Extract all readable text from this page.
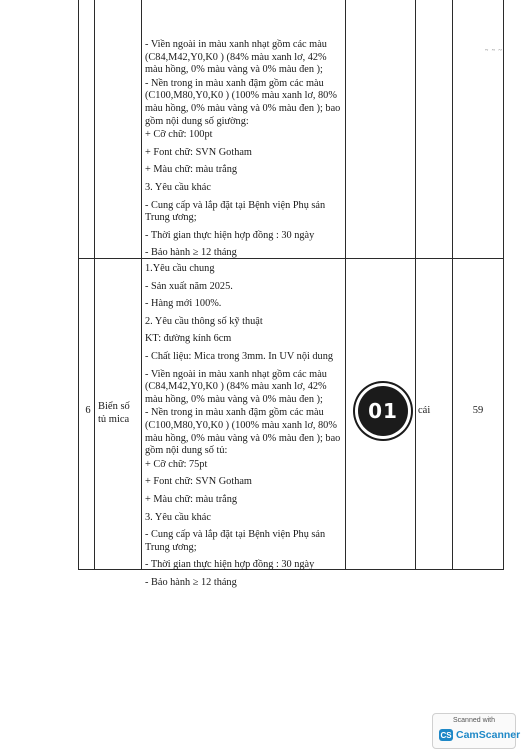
~ ~ ~
- Viền ngoài in màu xanh nhạt gồm các màu (C84,M42,Y0,K0 ) (84% màu xanh lơ, 42% màu hồng, 0% màu vàng và 0% màu đen );
- Nền trong in màu xanh đậm gồm các màu (C100,M80,Y0,K0 ) (100% màu xanh lơ, 80% màu hồng, 0% màu vàng và 0% màu đen ); bao gồm nội dung số giường:
+ Cỡ chữ: 100pt
+ Font chữ: SVN Gotham
+ Màu chữ: màu trắng
3. Yêu cầu khác
- Cung cấp và lắp đặt tại Bệnh viện Phụ sản Trung ương;
- Thời gian thực hiện hợp đồng : 30 ngày
- Bảo hành ≥ 12 tháng
6 Biển số tủ mica
1.Yêu cầu chung
- Sản xuất năm 2025.
- Hàng mới 100%.
2. Yêu cầu thông số kỹ thuật
KT: đường kính 6cm
- Chất liệu: Mica trong 3mm. In UV nội dung
- Viền ngoài in màu xanh nhạt gồm các màu (C84,M42,Y0,K0 ) (84% màu xanh lơ, 42% màu hồng, 0% màu vàng và 0% màu đen );
- Nền trong in màu xanh đậm gồm các màu (C100,M80,Y0,K0 ) (100% màu xanh lơ, 80% màu hồng, 0% màu vàng và 0% màu đen ); bao gồm nội dung số tủ:
+ Cỡ chữ: 75pt
+ Font chữ: SVN Gotham
+ Màu chữ: màu trắng
3. Yêu cầu khác
- Cung cấp và lắp đặt tại Bệnh viện Phụ sản Trung ương;
- Thời gian thực hiện hợp đồng : 30 ngày
- Bảo hành ≥ 12 tháng
01 cái	59
Scanned with
CS CamScanner
